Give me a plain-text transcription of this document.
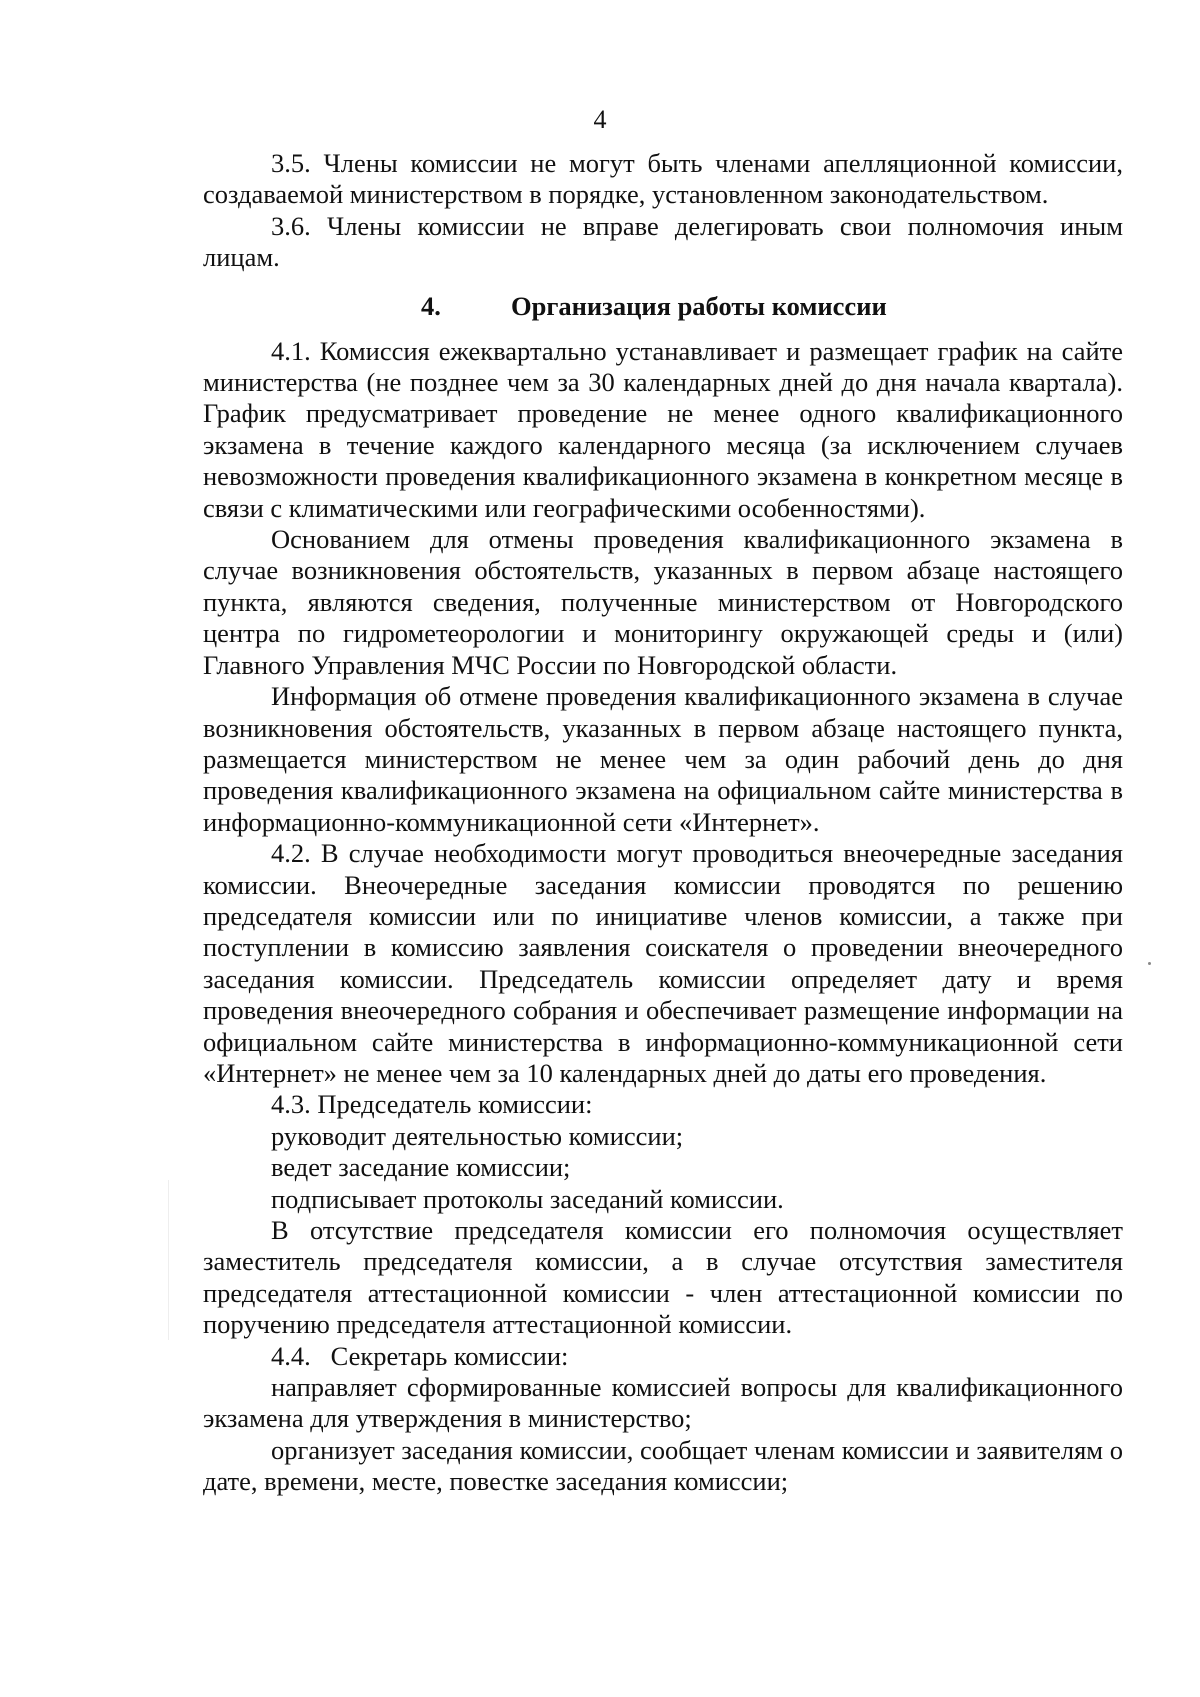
4

3.5. Члены комиссии не могут быть членами апелляционной комиссии, создаваемой министерством в порядке, установленном законодательством.

3.6. Члены комиссии не вправе делегировать свои полномочия иным лицам.

4.	Организация работы комиссии

4.1. Комиссия ежеквартально устанавливает и размещает график на сайте министерства (не позднее чем за 30 календарных дней до дня начала квартала). График предусматривает проведение не менее одного квалификационного экзамена в течение каждого календарного месяца (за исключением случаев невозможности проведения квалификационного экзамена в конкретном месяце в связи с климатическими или географическими особенностями).

Основанием для отмены проведения квалификационного экзамена в случае возникновения обстоятельств, указанных в первом абзаце настоящего пункта, являются сведения, полученные министерством от Новгородского центра по гидрометеорологии и мониторингу окружающей среды и (или) Главного Управления МЧС России по Новгородской области.

Информация об отмене проведения квалификационного экзамена в случае возникновения обстоятельств, указанных в первом абзаце настоящего пункта, размещается министерством не менее чем за один рабочий день до дня проведения квалификационного экзамена на официальном сайте министерства в информационно-коммуникационной сети «Интернет».

4.2. В случае необходимости могут проводиться внеочередные заседания комиссии. Внеочередные заседания комиссии проводятся по решению председателя комиссии или по инициативе членов комиссии, а также при поступлении в комиссию заявления соискателя о проведении внеочередного заседания комиссии. Председатель комиссии определяет дату и время проведения внеочередного собрания и обеспечивает размещение информации на официальном сайте министерства в информационно-коммуникационной сети «Интернет» не менее чем за 10 календарных дней до даты его проведения.

4.3. Председатель комиссии:

руководит деятельностью комиссии;

ведет заседание комиссии;

подписывает протоколы заседаний комиссии.

В отсутствие председателя комиссии его полномочия осуществляет заместитель председателя комиссии, а в случае отсутствия заместителя председателя аттестационной комиссии - член аттестационной комиссии по поручению председателя аттестационной комиссии.

4.4.   Секретарь комиссии:

направляет сформированные комиссией вопросы для квалификационного экзамена для утверждения в министерство;

организует заседания комиссии, сообщает членам комиссии и заявителям о дате, времени, месте, повестке заседания комиссии;
